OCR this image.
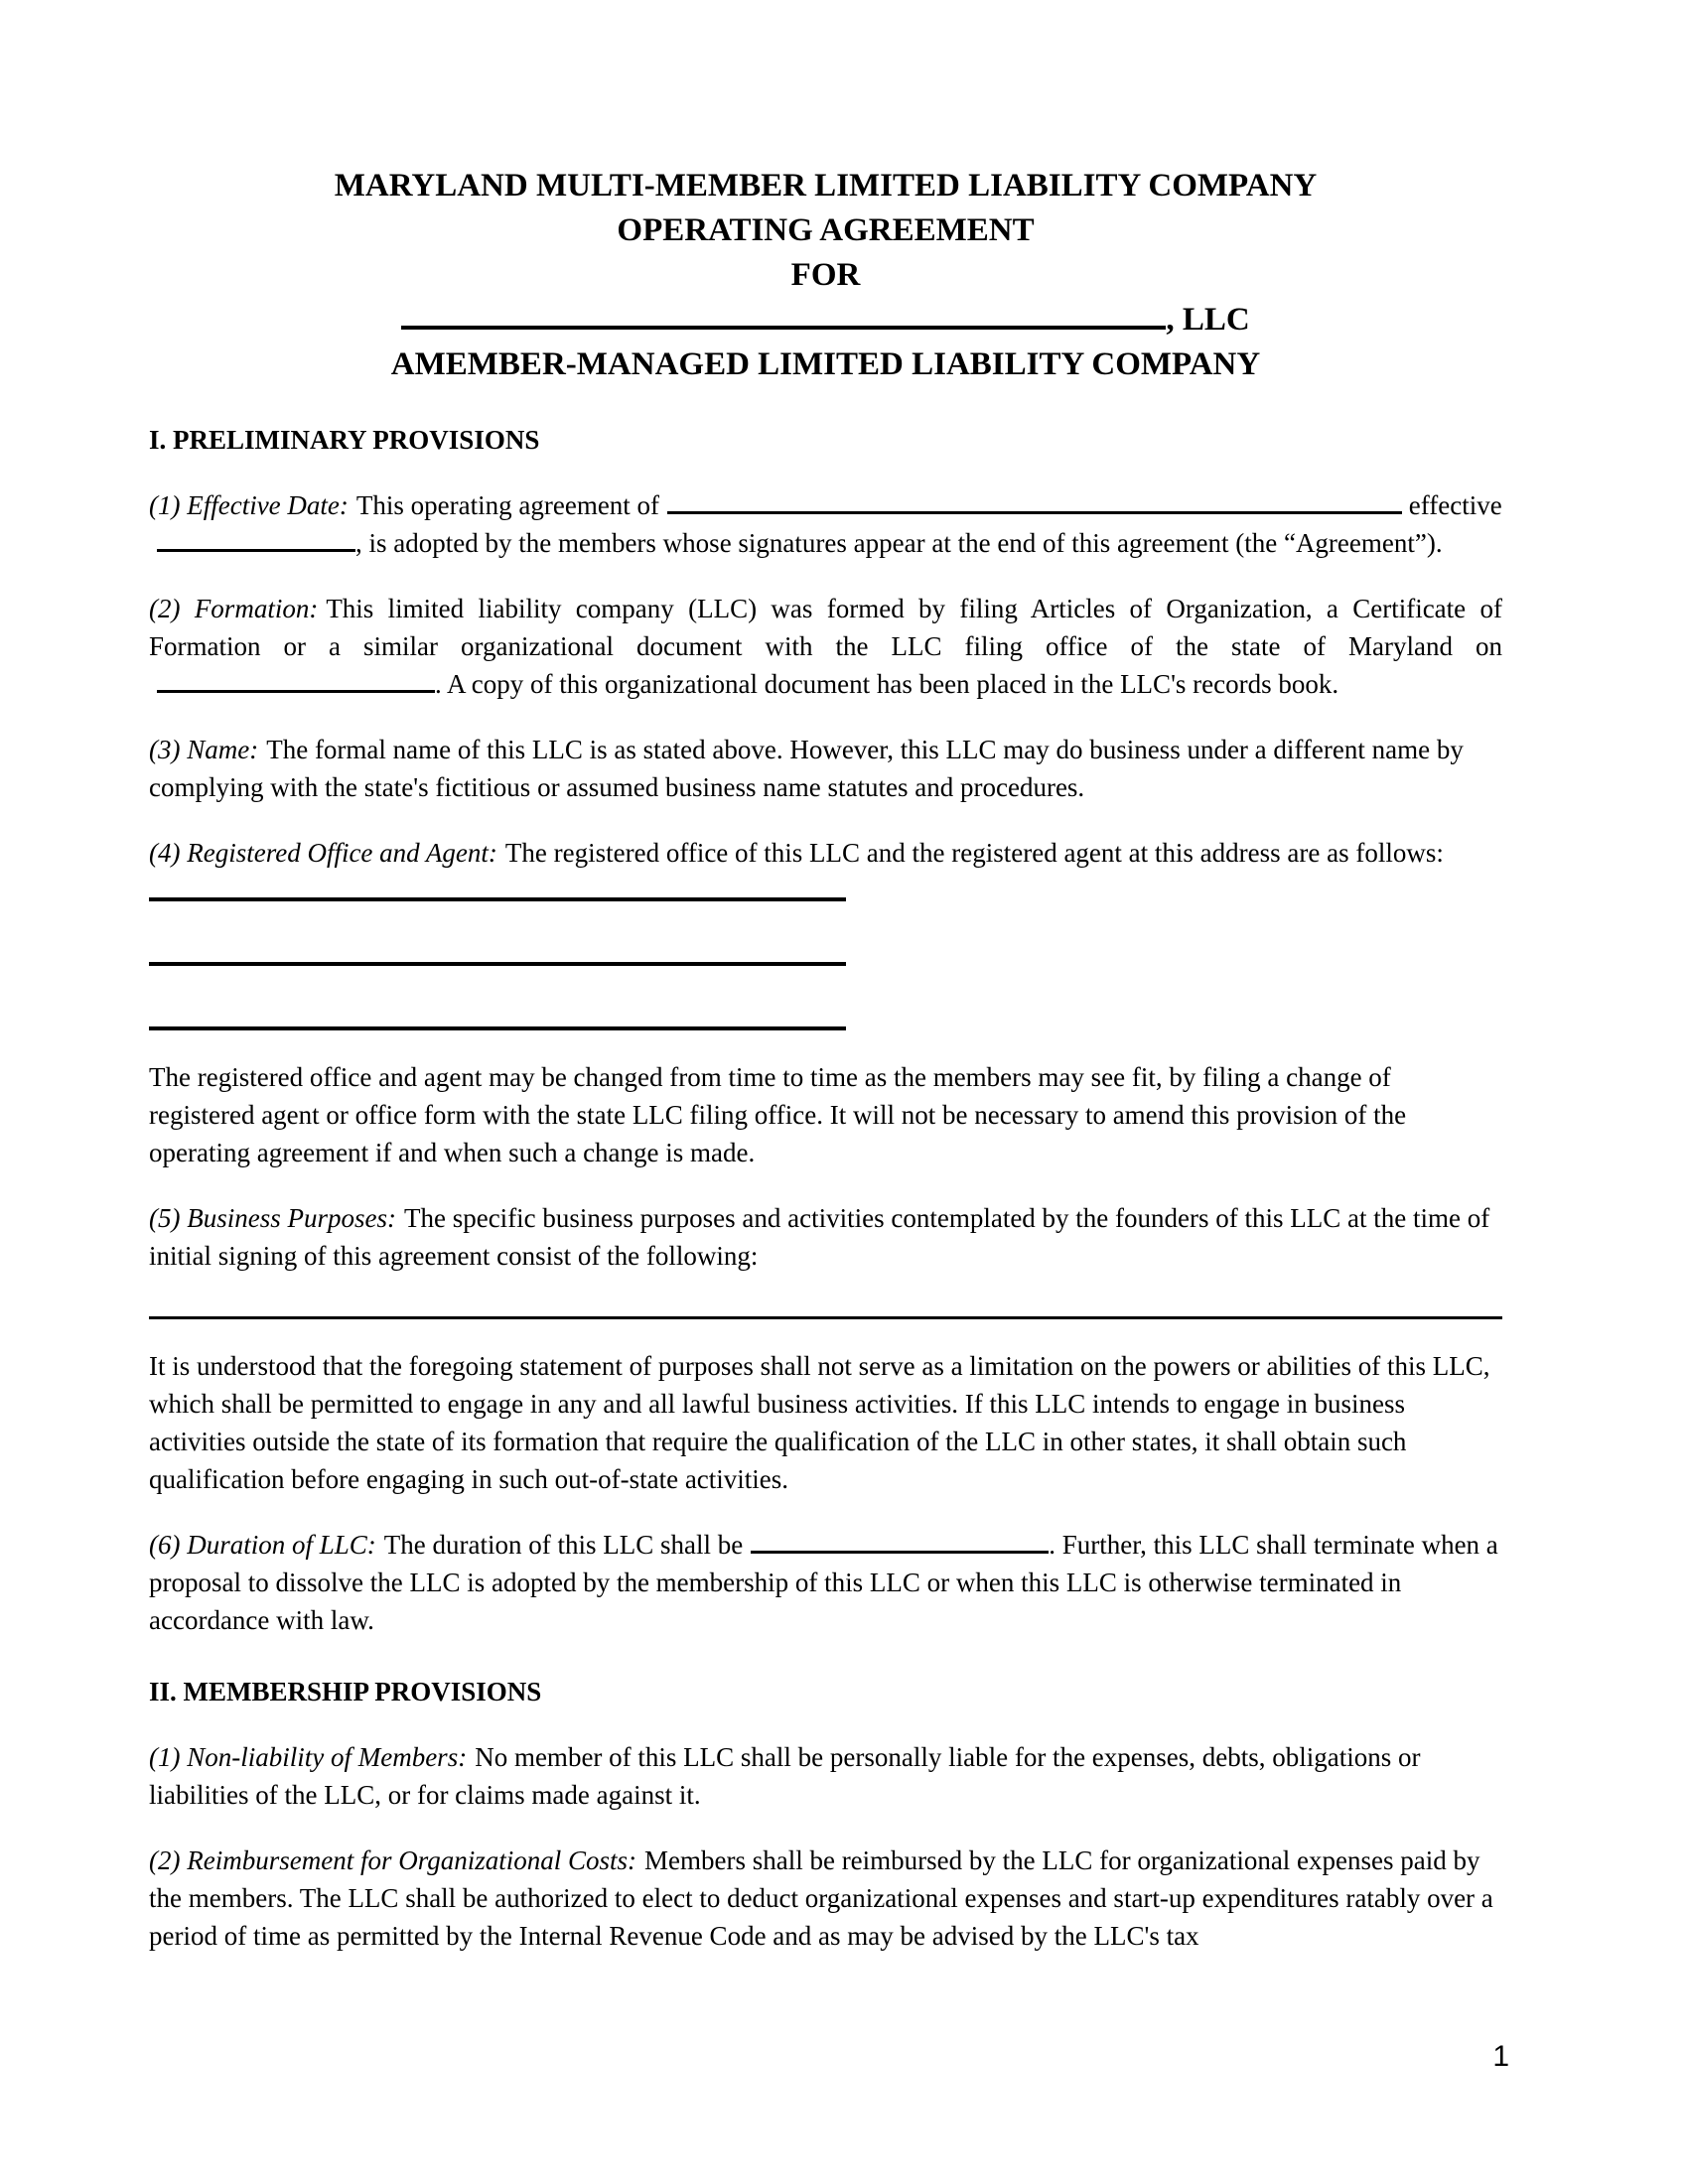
MARYLAND MULTI-MEMBER LIMITED LIABILITY COMPANY
OPERATING AGREEMENT
FOR
, LLC
AMEMBER-MANAGED LIMITED LIABILITY COMPANY
I. PRELIMINARY PROVISIONS

(1) Effective Date: This operating agreement of	effective, is adopted by the members whose signatures appear at the end of this agreement (the “Agreement”).

(2) Formation: This limited liability company (LLC) was formed by filing Articles of Organization, a Certificate of Formation or a similar organizational document with the LLC filing office of the state of Maryland on. A copy of this organizational document has been placed in the LLC's records book.

(3) Name: The formal name of this LLC is as stated above. However, this LLC may do business under a different name by complying with the state's fictitious or assumed business name statutes and procedures.

(4) Registered Office and Agent: The registered office of this LLC and the registered agent at this address are as follows:

The registered office and agent may be changed from time to time as the members may see fit, by filing a change of registered agent or office form with the state LLC filing office. It will not be necessary to amend this provision of the operating agreement if and when such a change is made.

(5) Business Purposes: The specific business purposes and activities contemplated by the founders of this LLC at the time of initial signing of this agreement consist of the following:

It is understood that the foregoing statement of purposes shall not serve as a limitation on the powers or abilities of this LLC, which shall be permitted to engage in any and all lawful business activities. If this LLC intends to engage in business activities outside the state of its formation that require the qualification of the LLC in other states, it shall obtain such qualification before engaging in such out-of-state activities.

(6) Duration of LLC: The duration of this LLC shall be	. Further, this LLC shall terminate when a proposal to dissolve the LLC is adopted by the membership of this LLC or when this LLC is otherwise terminated in accordance with law.

II. MEMBERSHIP PROVISIONS

(1) Non-liability of Members: No member of this LLC shall be personally liable for the expenses, debts, obligations or liabilities of the LLC, or for claims made against it.

(2) Reimbursement for Organizational Costs: Members shall be reimbursed by the LLC for organizational expenses paid by the members. The LLC shall be authorized to elect to deduct organizational expenses and start-up expenditures ratably over a period of time as permitted by the Internal Revenue Code and as may be advised by the LLC's tax

1
